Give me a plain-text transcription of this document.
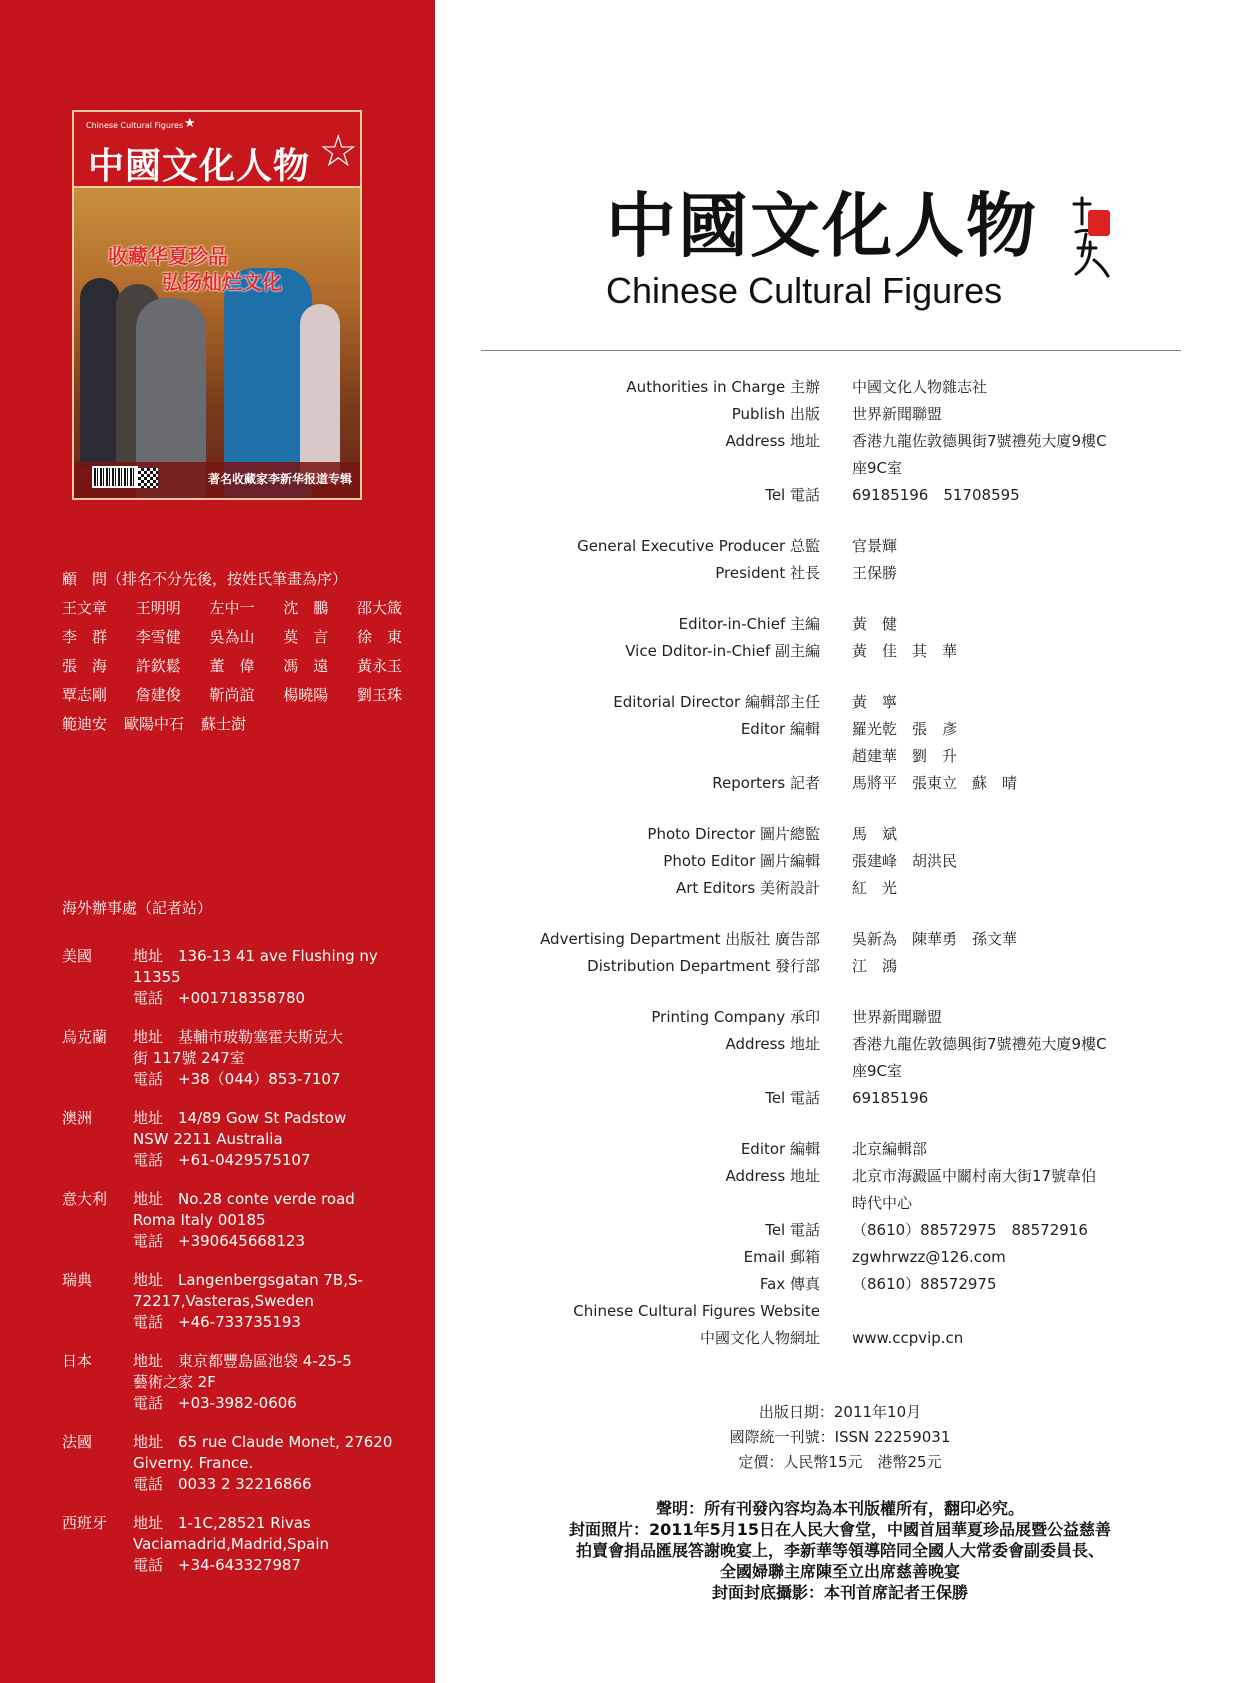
Chinese Cultural Figures ★
中國文化人物 ☆
收藏华夏珍品
弘扬灿烂文化
著名收藏家李新华报道专辑
顧　問（排名不分先後，按姓氏筆畫為序）
王文章 王明明 左中一 沈　鵬 邵大箴
李　群 李雪健 吳為山 莫　言 徐　東
張　海 許欽鬆 董　偉 馮　遠 黃永玉
覃志剛 詹建俊 靳尚誼 楊曉陽 劉玉珠
範迪安 歐陽中石 蘇士澍
海外辦事處（記者站）
美國	地址　136-13 41 ave Flushing ny
11355
電話　+001718358780
烏克蘭	地址　基輔市玻勒塞霍夫斯克大
街 117號 247室
電話　+38（044）853-7107
澳洲	地址　14/89 Gow St Padstow
NSW 2211 Australia
電話　+61-0429575107
意大利	地址　No.28 conte verde road
Roma Italy 00185
電話　+390645668123
瑞典	地址　Langenbergsgatan 7B,S-
72217,Vasteras,Sweden
電話　+46-733735193
日本	地址　東京都豐島區池袋 4-25-5
藝術之家 2F
電話　+03-3982-0606
法國	地址　65 rue Claude Monet, 27620
Giverny. France.
電話　0033 2 32216866
西班牙	地址　1-1C,28521 Rivas
Vaciamadrid,Madrid,Spain
電話　+34-643327987
中國文化人物
Chinese Cultural Figures
Authorities in Charge 主辦 中國文化人物雜志社
Publish 出版 世界新聞聯盟
Address 地址 香港九龍佐敦德興街7號禮苑大廈9樓C
座9C室
Tel 電話 69185196　51708595
General Executive Producer 总監 官景輝
President 社長 王保勝
Editor-in-Chief 主編 黃　健
Vice Dditor-in-Chief 副主編 黃　佳　其　華
Editorial Director 編輯部主任 黃　寧
Editor 編輯 羅光乾　張　彥
趙建華　劉　升
Reporters 記者 馬將平　張東立　蘇　晴
Photo Director 圖片總監 馬　斌
Photo Editor 圖片編輯 張建峰　胡洪民
Art Editors 美術設計 紅　光
Advertising Department 出版社 廣告部 吳新為　陳華勇　孫文華
Distribution Department 發行部 江　鴻
Printing Company 承印 世界新聞聯盟
Address 地址 香港九龍佐敦德興街7號禮苑大廈9樓C
座9C室
Tel 電話 69185196
Editor 編輯 北京編輯部
Address 地址 北京市海澱區中關村南大街17號韋伯
時代中心
Tel 電話 （8610）88572975　88572916
Email 郵箱 zgwhrwzz@126.com
Fax 傳真 （8610）88572975
Chinese Cultural Figures Website
中國文化人物網址 www.ccpvip.cn
出版日期：2011年10月
國際統一刊號：ISSN 22259031
定價：人民幣15元　港幣25元
聲明：所有刊發內容均為本刊版權所有，翻印必究。
封面照片：2011年5月15日在人民大會堂，中國首屆華夏珍品展暨公益慈善
拍賣會捐品匯展答謝晚宴上，李新華等領導陪同全國人大常委會副委員長、
全國婦聯主席陳至立出席慈善晚宴
封面封底攝影：本刊首席記者王保勝
